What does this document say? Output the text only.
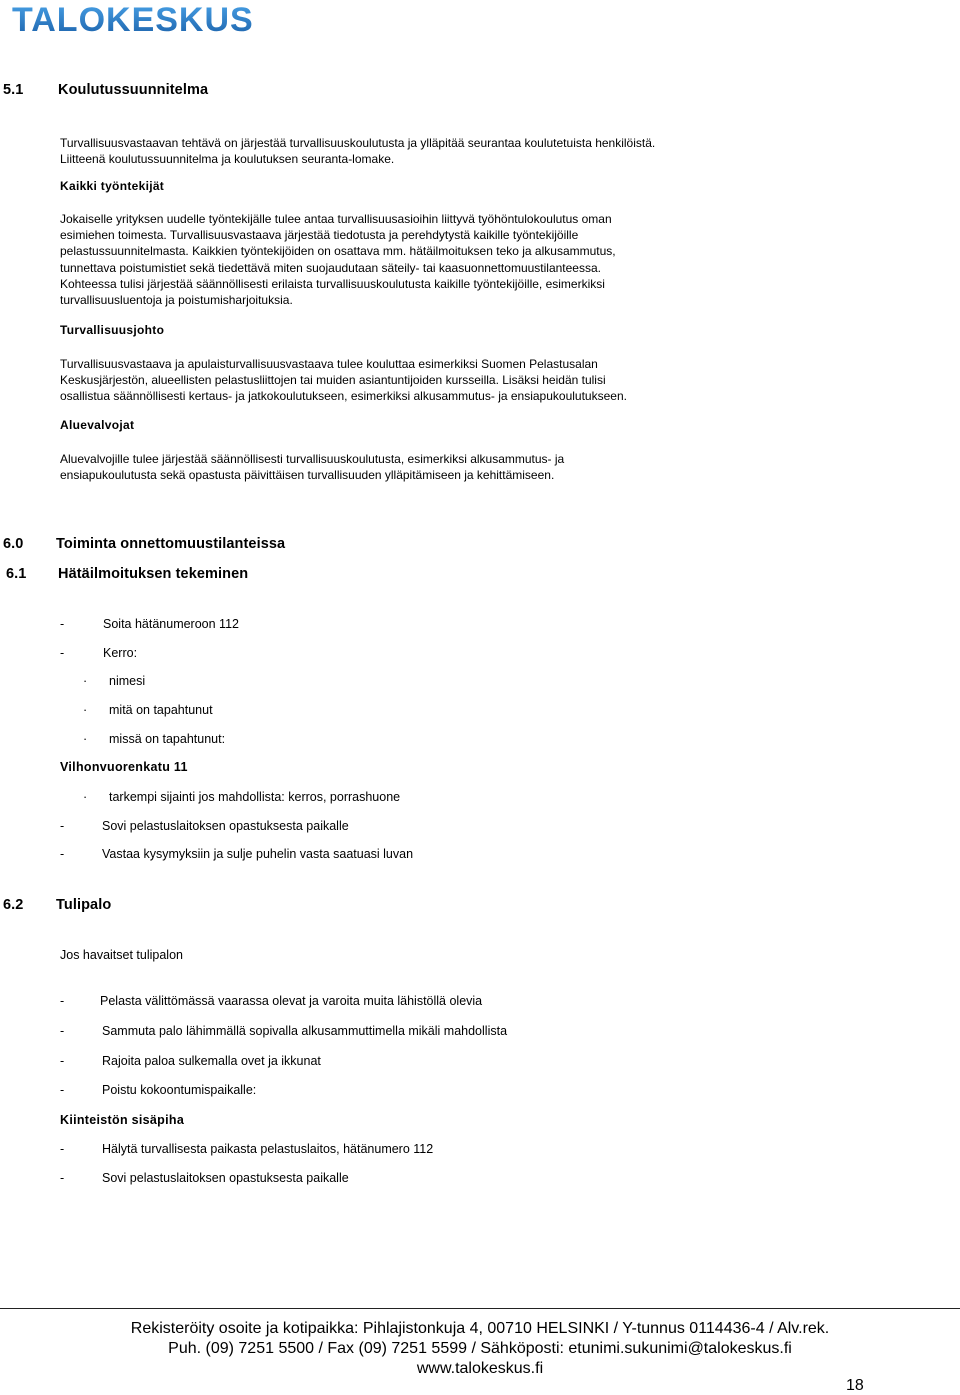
TALOKESKUS
5.1 Koulutussuunnitelma
Turvallisuusvastaavan tehtävä on järjestää turvallisuuskoulutusta ja ylläpitää seurantaa koulutetuista henkilöistä.
Liitteenä koulutussuunnitelma ja koulutuksen seuranta-lomake.
Kaikki työntekijät
Jokaiselle yrityksen uudelle työntekijälle tulee antaa turvallisuusasioihin liittyvä työhöntulokoulutus oman
esimiehen toimesta. Turvallisuusvastaava järjestää tiedotusta ja perehdytystä kaikille työntekijöille
pelastussuunnitelmasta. Kaikkien työntekijöiden on osattava mm. hätäilmoituksen teko ja alkusammutus,
tunnettava poistumistiet sekä tiedettävä miten suojaudutaan säteily- tai kaasuonnettomuustilanteessa.
Kohteessa tulisi järjestää säännöllisesti erilaista turvallisuuskoulutusta kaikille työntekijöille, esimerkiksi
turvallisuusluentoja ja poistumisharjoituksia.
Turvallisuusjohto
Turvallisuusvastaava ja apulaisturvallisuusvastaava tulee kouluttaa esimerkiksi Suomen Pelastusalan
Keskusjärjestön, alueellisten pelastusliittojen tai muiden asiantuntijoiden kursseilla. Lisäksi heidän tulisi
osallistua säännöllisesti kertaus- ja jatkokoulutukseen, esimerkiksi alkusammutus- ja ensiapukoulutukseen.
Aluevalvojat
Aluevalvojille tulee järjestää säännöllisesti turvallisuuskoulutusta, esimerkiksi alkusammutus- ja
ensiapukoulutusta sekä opastusta päivittäisen turvallisuuden ylläpitämiseen ja kehittämiseen.
6.0 Toiminta onnettomuustilanteissa
6.1 Hätäilmoituksen tekeminen
-	Soita hätänumeroon 112
-	Kerro:
· nimesi
· mitä on tapahtunut
· missä on tapahtunut:
Vilhonvuorenkatu 11
· tarkempi sijainti jos mahdollista: kerros, porrashuone
-	Sovi pelastuslaitoksen opastuksesta paikalle
-	Vastaa kysymyksiin ja sulje puhelin vasta saatuasi luvan
6.2 Tulipalo
Jos havaitset tulipalon
-	Pelasta välittömässä vaarassa olevat ja varoita muita lähistöllä olevia
-	Sammuta palo lähimmällä sopivalla alkusammuttimella mikäli mahdollista
-	Rajoita paloa sulkemalla ovet ja ikkunat
-	Poistu kokoontumispaikalle:
Kiinteistön sisäpiha
-	Hälytä turvallisesta paikasta pelastuslaitos, hätänumero 112
-	Sovi pelastuslaitoksen opastuksesta paikalle
Rekisteröity osoite ja kotipaikka: Pihlajistonkuja 4, 00710 HELSINKI / Y-tunnus 0114436-4 / Alv.rek.
Puh. (09) 7251 5500 / Fax (09) 7251 5599 / Sähköposti: etunimi.sukunimi@talokeskus.fi
www.talokeskus.fi
18
